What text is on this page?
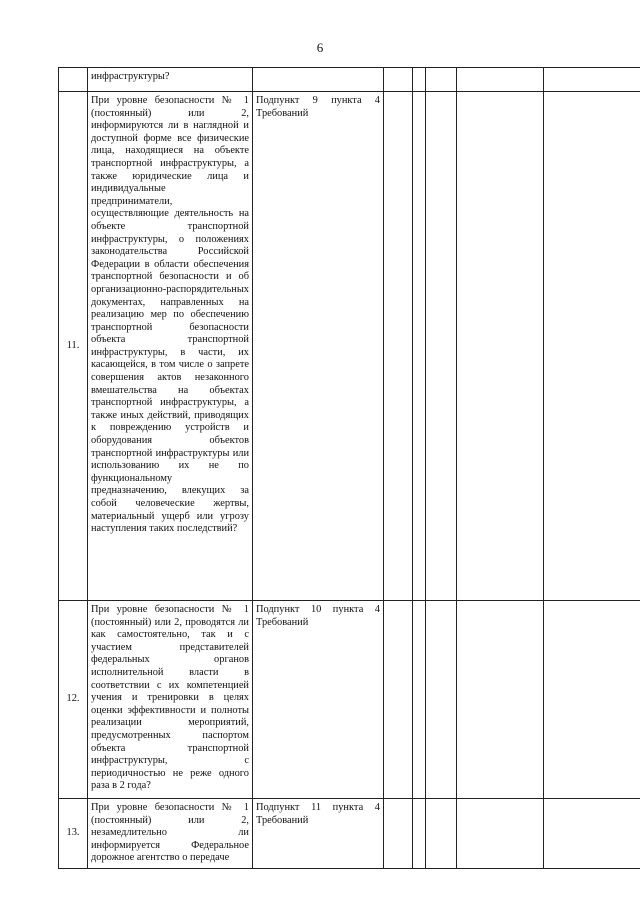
6
	инфраструктуры?						
11.	При уровне безопасности № 1 (постоянный) или 2, информируются ли в наглядной и доступной форме все физические лица, находящиеся на объекте транспортной инфраструктуры, а также юридические лица и индивидуальные предприниматели, осуществляющие деятельность на объекте транспортной инфраструктуры, о положениях законодательства Российской Федерации в области обеспечения транспортной безопасности и об организационно-распорядительных документах, направленных на реализацию мер по обеспечению транспортной безопасности объекта транспортной инфраструктуры, в части, их касающейся, в том числе о запрете совершения актов незаконного вмешательства на объектах транспортной инфраструктуры, а также иных действий, приводящих к повреждению устройств и оборудования объектов транспортной инфраструктуры или использованию их не по функциональному предназначению, влекущих за собой человеческие жертвы, материальный ущерб или угрозу наступления таких последствий?	Подпункт 9 пункта 4 Требований					
12.	При уровне безопасности № 1 (постоянный) или 2, проводятся ли как самостоятельно, так и с участием представителей федеральных органов исполнительной власти в соответствии с их компетенцией учения и тренировки в целях оценки эффективности и полноты реализации мероприятий, предусмотренных паспортом объекта транспортной инфраструктуры, с периодичностью не реже одного раза в 2 года?	Подпункт 10 пункта 4 Требований					
13.	При уровне безопасности № 1 (постоянный) или 2, незамедлительно ли информируется Федеральное дорожное агентство о передаче	Подпункт 11 пункта 4 Требований					
